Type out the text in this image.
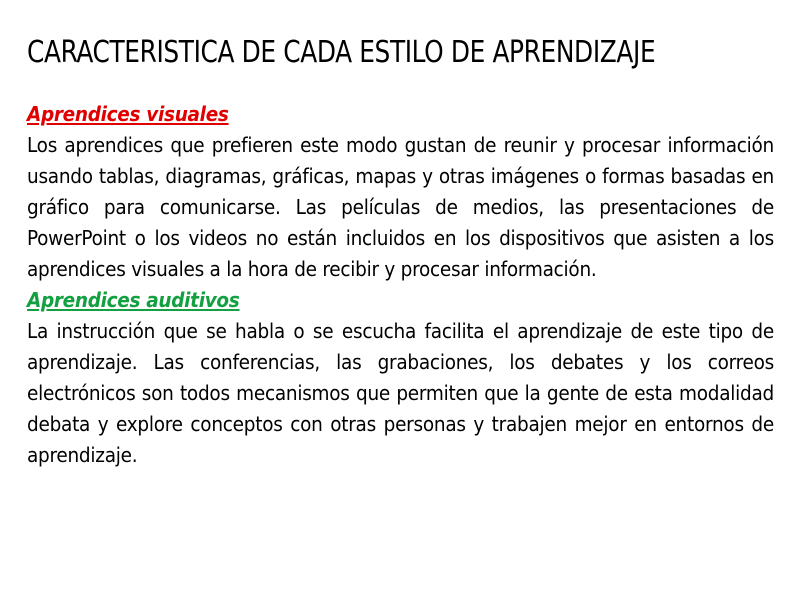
CARACTERISTICA DE CADA ESTILO DE APRENDIZAJE
Aprendices visuales

Los aprendices que prefieren este modo gustan de reunir y procesar información usando tablas, diagramas, gráficas, mapas y otras imágenes o formas basadas en gráfico para comunicarse. Las películas de medios, las presentaciones de PowerPoint o los videos no están incluidos en los dispositivos que asisten a los aprendices visuales a la hora de recibir y procesar información.

Aprendices auditivos

La instrucción que se habla o se escucha facilita el aprendizaje de este tipo de aprendizaje. Las conferencias, las grabaciones, los debates y los correos electrónicos son todos mecanismos que permiten que la gente de esta modalidad debata y explore conceptos con otras personas y trabajen mejor en entornos de aprendizaje.
